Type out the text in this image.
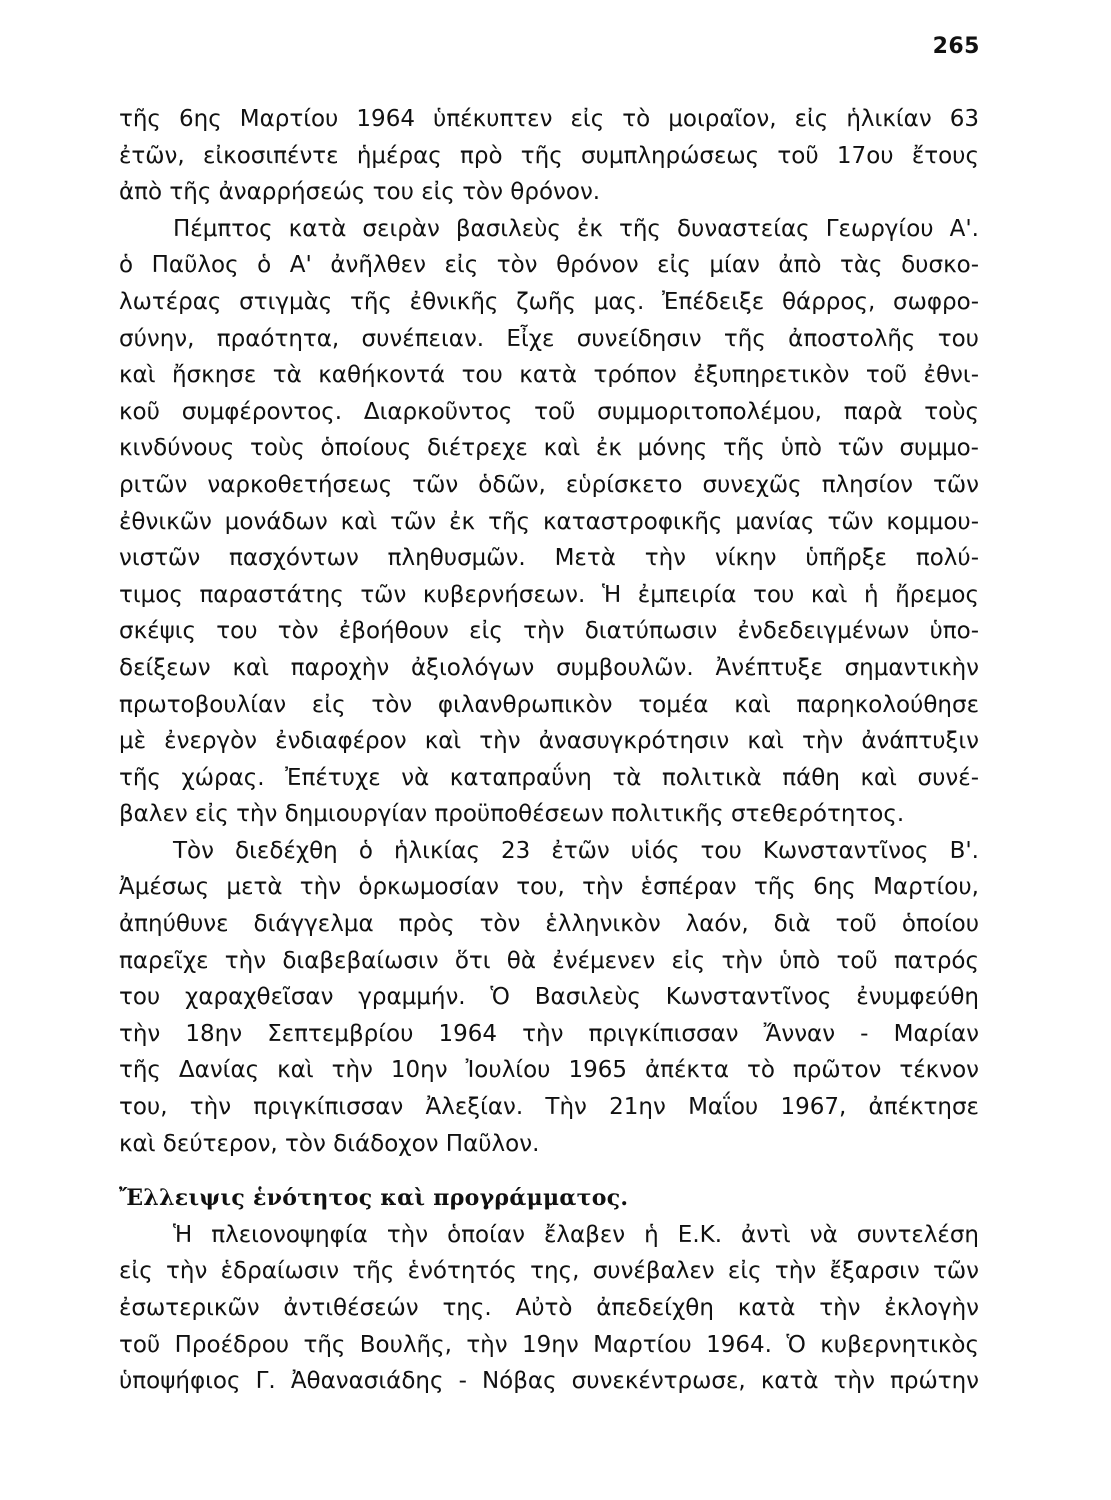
265
τῆς 6ης Μαρτίου 1964 ὑπέκυπτεν εἰς τὸ μοιραῖον, εἰς ἡλικίαν 63
ἐτῶν, εἰκοσιπέντε ἡμέρας πρὸ τῆς συμπληρώσεως τοῦ 17ου ἔτους
ἀπὸ τῆς ἀναρρήσεώς του εἰς τὸν θρόνον.
Πέμπτος κατὰ σειρὰν βασιλεὺς ἐκ τῆς δυναστείας Γεωργίου Α'.
ὁ Παῦλος ὁ Α' ἀνῆλθεν εἰς τὸν θρόνον εἰς μίαν ἀπὸ τὰς δυσκο-
λωτέρας στιγμὰς τῆς ἐθνικῆς ζωῆς μας. Ἐπέδειξε θάρρος, σωφρο-
σύνην, πραότητα, συνέπειαν. Εἶχε συνείδησιν τῆς ἀποστολῆς του
καὶ ἤσκησε τὰ καθήκοντά του κατὰ τρόπον ἐξυπηρετικὸν τοῦ ἐθνι-
κοῦ συμφέροντος. Διαρκοῦντος τοῦ συμμοριτοπολέμου, παρὰ τοὺς
κινδύνους τοὺς ὁποίους διέτρεχε καὶ ἐκ μόνης τῆς ὑπὸ τῶν συμμο-
ριτῶν ναρκοθετήσεως τῶν ὁδῶν, εὑρίσκετο συνεχῶς πλησίον τῶν
ἐθνικῶν μονάδων καὶ τῶν ἐκ τῆς καταστροφικῆς μανίας τῶν κομμου-
νιστῶν πασχόντων πληθυσμῶν. Μετὰ τὴν νίκην ὑπῆρξε πολύ-
τιμος παραστάτης τῶν κυβερνήσεων. Ἡ ἐμπειρία του καὶ ἡ ἤρεμος
σκέψις του τὸν ἐβοήθουν εἰς τὴν διατύπωσιν ἐνδεδειγμένων ὑπο-
δείξεων καὶ παροχὴν ἀξιολόγων συμβουλῶν. Ἀνέπτυξε σημαντικὴν
πρωτοβουλίαν εἰς τὸν φιλανθρωπικὸν τομέα καὶ παρηκολούθησε
μὲ ἐνεργὸν ἐνδιαφέρον καὶ τὴν ἀνασυγκρότησιν καὶ τὴν ἀνάπτυξιν
τῆς χώρας. Ἐπέτυχε νὰ καταπραΰνη τὰ πολιτικὰ πάθη καὶ συνέ-
βαλεν εἰς τὴν δημιουργίαν προϋποθέσεων πολιτικῆς στεθερότητος.
Τὸν διεδέχθη ὁ ἡλικίας 23 ἐτῶν υἱός του Κωνσταντῖνος Β'.
Ἀμέσως μετὰ τὴν ὁρκωμοσίαν του, τὴν ἑσπέραν τῆς 6ης Μαρτίου,
ἀπηύθυνε διάγγελμα πρὸς τὸν ἑλληνικὸν λαόν, διὰ τοῦ ὁποίου
παρεῖχε τὴν διαβεβαίωσιν ὅτι θὰ ἐνέμενεν εἰς τὴν ὑπὸ τοῦ πατρός
του χαραχθεῖσαν γραμμήν. Ὁ Βασιλεὺς Κωνσταντῖνος ἐνυμφεύθη
τὴν 18ην Σεπτεμβρίου 1964 τὴν πριγκίπισσαν Ἄνναν - Μαρίαν
τῆς Δανίας καὶ τὴν 10ην Ἰουλίου 1965 ἀπέκτα τὸ πρῶτον τέκνον
του, τὴν πριγκίπισσαν Ἀλεξίαν. Τὴν 21ην Μαΐου 1967, ἀπέκτησε
καὶ δεύτερον, τὸν διάδοχον Παῦλον.
Ἔλλειψις ἑνότητος καὶ προγράμματος.
Ἡ πλειονοψηφία τὴν ὁποίαν ἔλαβεν ἡ Ε.Κ. ἀντὶ νὰ συντελέση
εἰς τὴν ἑδραίωσιν τῆς ἑνότητός της, συνέβαλεν εἰς τὴν ἔξαρσιν τῶν
ἐσωτερικῶν ἀντιθέσεών της. Αὐτὸ ἀπεδείχθη κατὰ τὴν ἐκλογὴν
τοῦ Προέδρου τῆς Βουλῆς, τὴν 19ην Μαρτίου 1964. Ὁ κυβερνητικὸς
ὑποψήφιος Γ. Ἀθανασιάδης - Νόβας συνεκέντρωσε, κατὰ τὴν πρώτην
